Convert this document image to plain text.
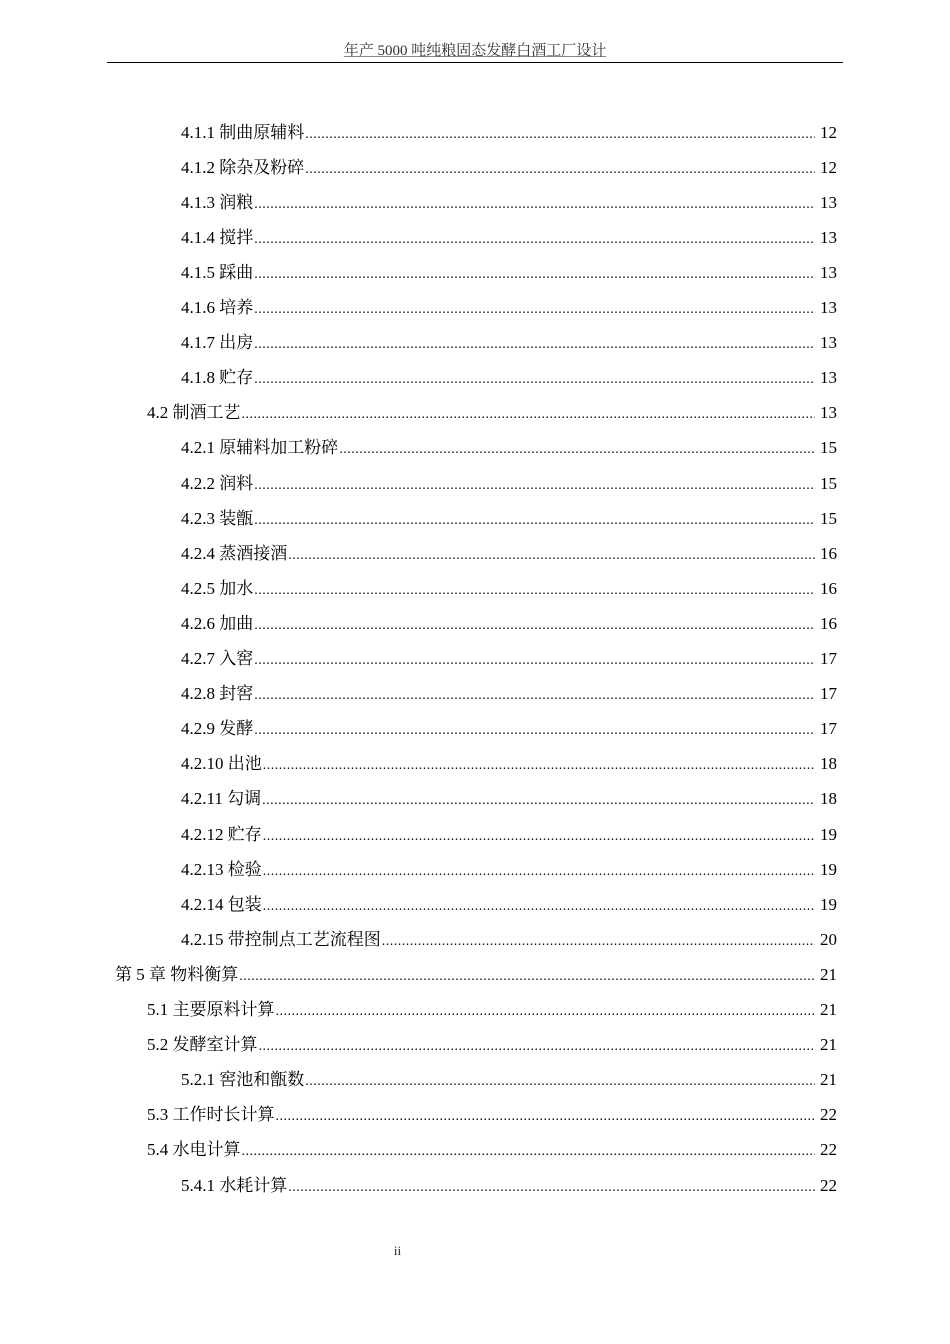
年产 5000 吨纯粮固态发酵白酒工厂设计
4.1.1 制曲原辅料 .....	12
4.1.2 除杂及粉碎 .....	12
4.1.3 润粮 .....	13
4.1.4 搅拌 .....	13
4.1.5 踩曲 .....	13
4.1.6 培养 .....	13
4.1.7 出房 .....	13
4.1.8 贮存 .....	13
4.2 制酒工艺 .....	13
4.2.1 原辅料加工粉碎 .....	15
4.2.2 润料 .....	15
4.2.3 装甑 .....	15
4.2.4 蒸酒接酒 .....	16
4.2.5 加水 .....	16
4.2.6 加曲 .....	16
4.2.7 入窖 .....	17
4.2.8 封窖 .....	17
4.2.9 发酵 .....	17
4.2.10 出池 .....	18
4.2.11 勾调 .....	18
4.2.12 贮存 .....	19
4.2.13 检验 .....	19
4.2.14 包装 .....	19
4.2.15 带控制点工艺流程图 .....	20
第 5 章 物料衡算 .....	21
5.1 主要原料计算 .....	21
5.2 发酵室计算 .....	21
5.2.1 窖池和甑数 .....	21
5.3 工作时长计算 .....	22
5.4 水电计算 .....	22
5.4.1 水耗计算 .....	22
ii
